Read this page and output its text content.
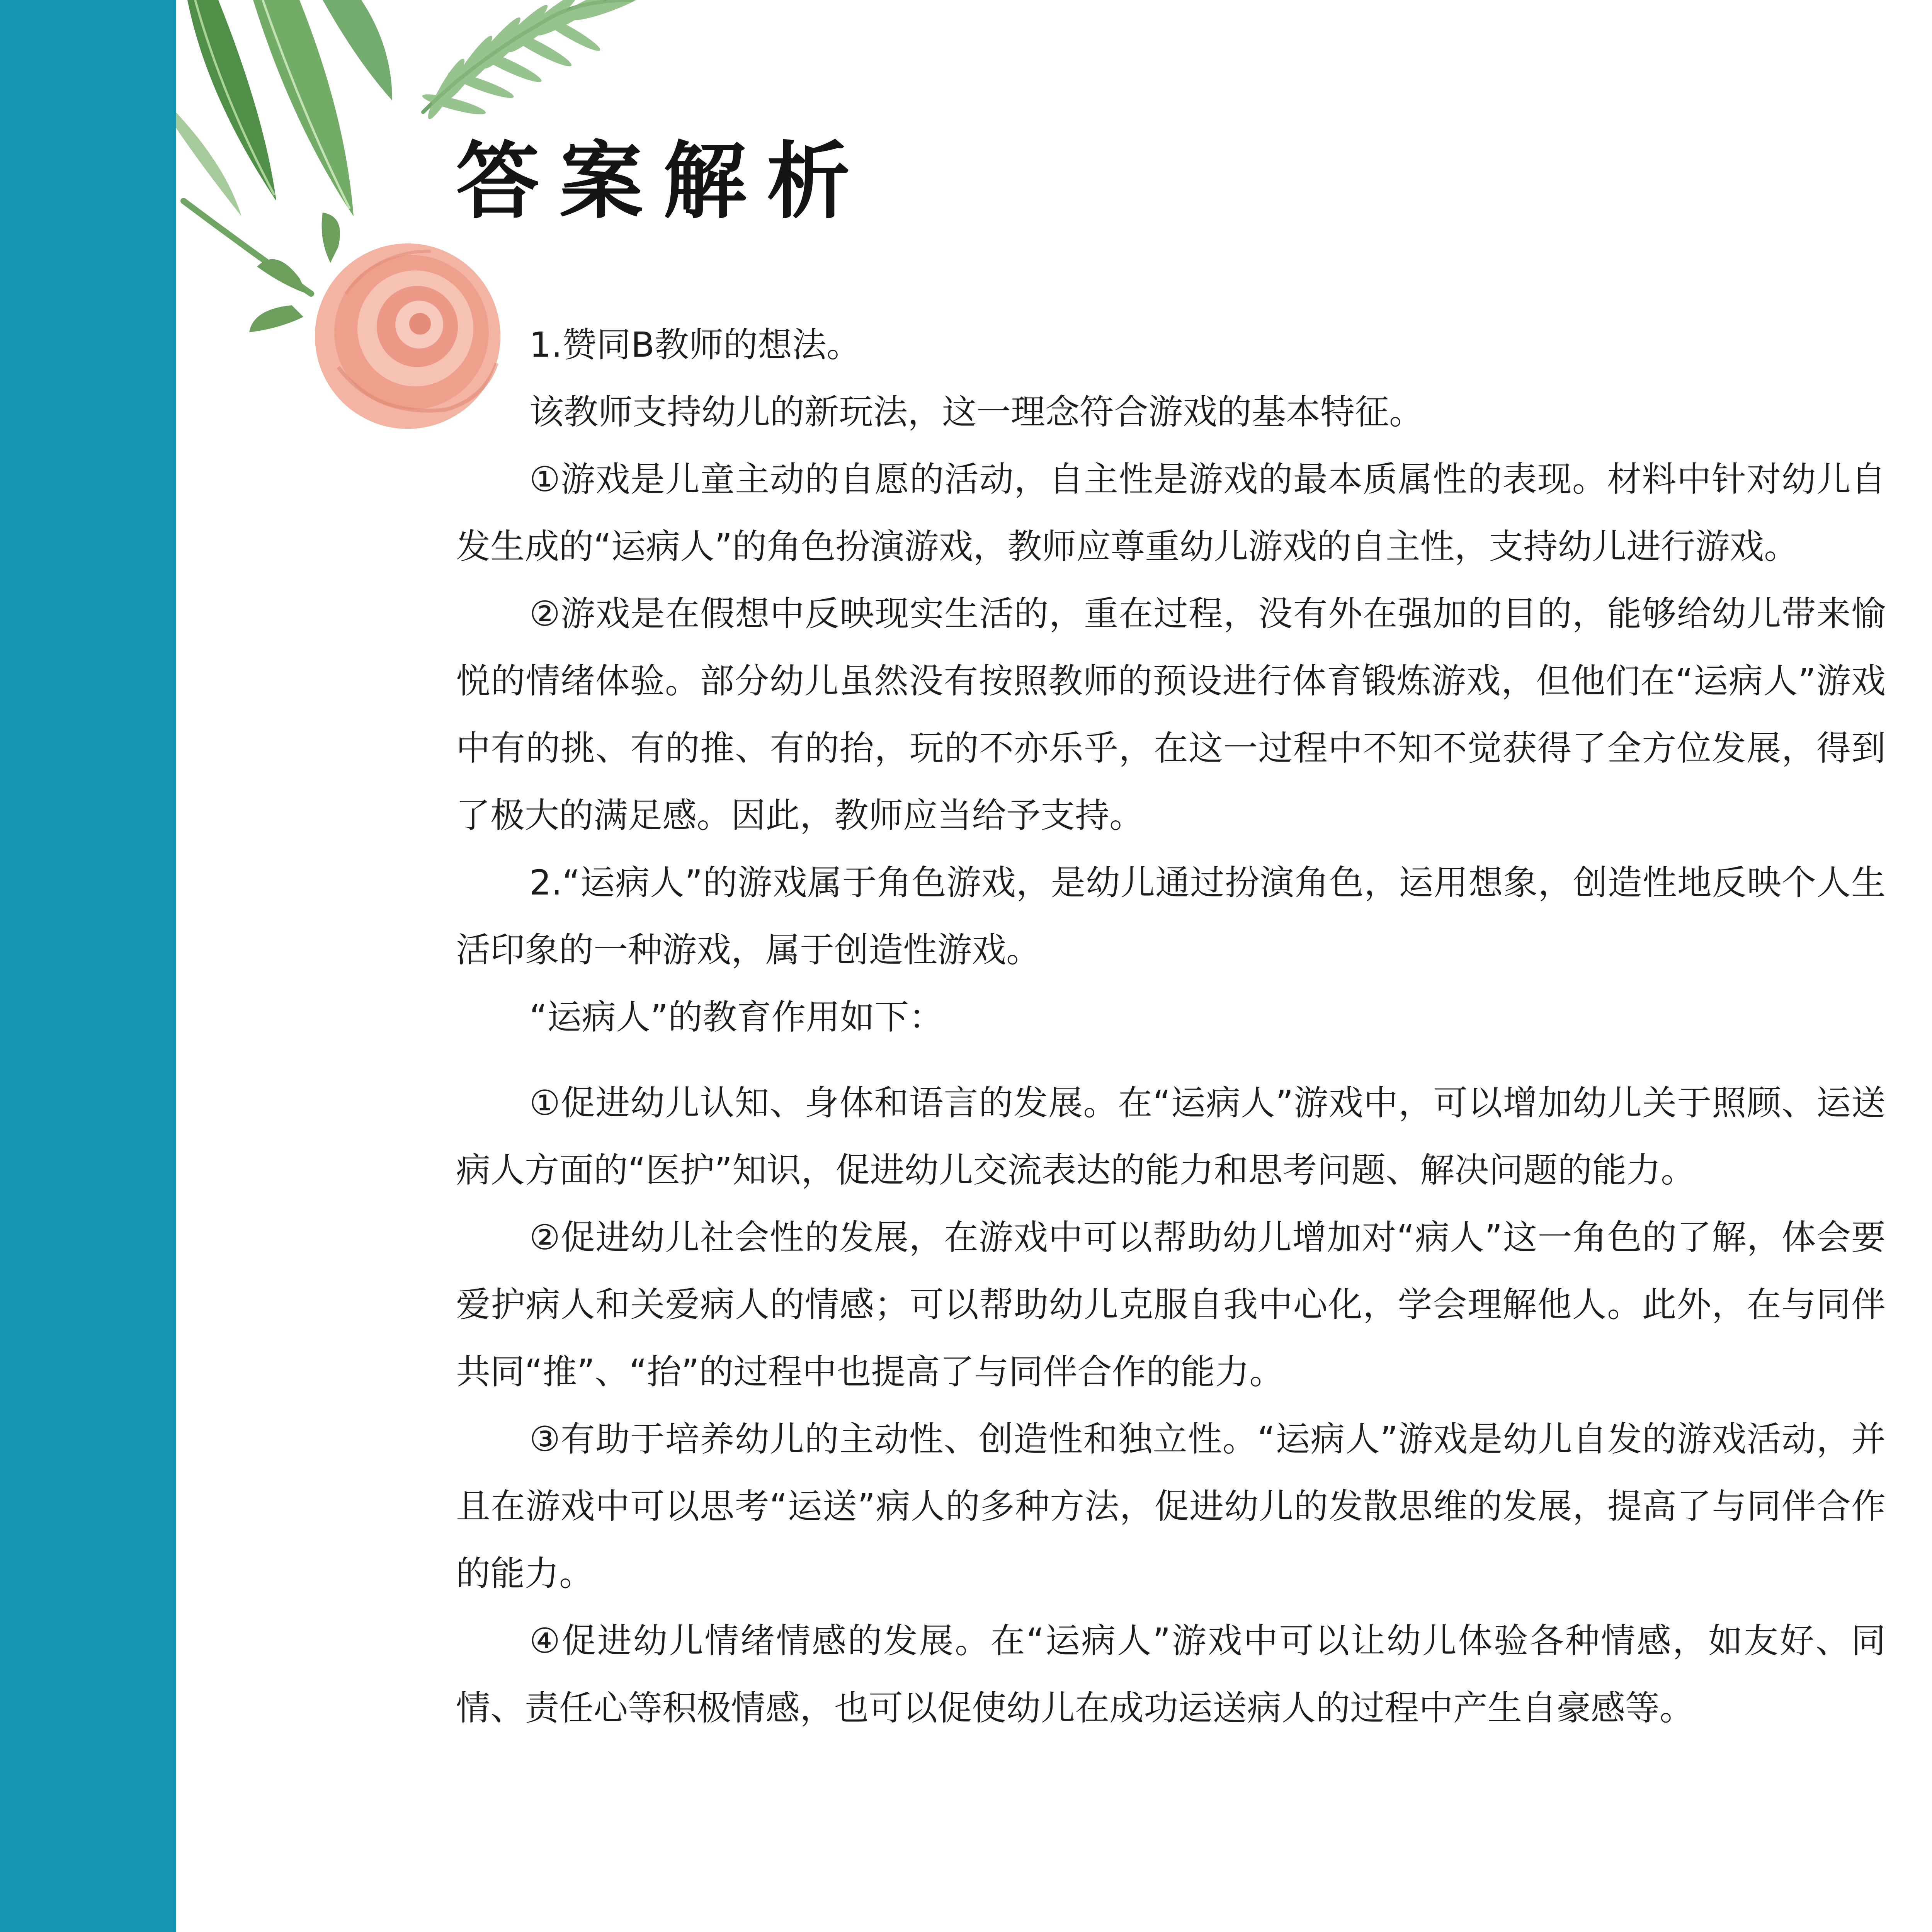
答案解析

1.赞同B教师的想法。

该教师支持幼儿的新玩法，这一理念符合游戏的基本特征。

①游戏是儿童主动的自愿的活动，自主性是游戏的最本质属性的表现。材料中针对幼儿自发生成的“运病人”的角色扮演游戏，教师应尊重幼儿游戏的自主性，支持幼儿进行游戏。

②游戏是在假想中反映现实生活的，重在过程，没有外在强加的目的，能够给幼儿带来愉悦的情绪体验。部分幼儿虽然没有按照教师的预设进行体育锻炼游戏，但他们在“运病人”游戏中有的挑、有的推、有的抬，玩的不亦乐乎，在这一过程中不知不觉获得了全方位发展，得到了极大的满足感。因此，教师应当给予支持。

2.“运病人”的游戏属于角色游戏，是幼儿通过扮演角色，运用想象，创造性地反映个人生活印象的一种游戏，属于创造性游戏。

“运病人”的教育作用如下：

①促进幼儿认知、身体和语言的发展。在“运病人”游戏中，可以增加幼儿关于照顾、运送病人方面的“医护”知识，促进幼儿交流表达的能力和思考问题、解决问题的能力。

②促进幼儿社会性的发展，在游戏中可以帮助幼儿增加对“病人”这一角色的了解，体会要爱护病人和关爱病人的情感；可以帮助幼儿克服自我中心化，学会理解他人。此外，在与同伴共同“推”、“抬”的过程中也提高了与同伴合作的能力。

③有助于培养幼儿的主动性、创造性和独立性。“运病人”游戏是幼儿自发的游戏活动，并且在游戏中可以思考“运送”病人的多种方法，促进幼儿的发散思维的发展，提高了与同伴合作的能力。

④促进幼儿情绪情感的发展。在“运病人”游戏中可以让幼儿体验各种情感，如友好、同情、责任心等积极情感，也可以促使幼儿在成功运送病人的过程中产生自豪感等。
